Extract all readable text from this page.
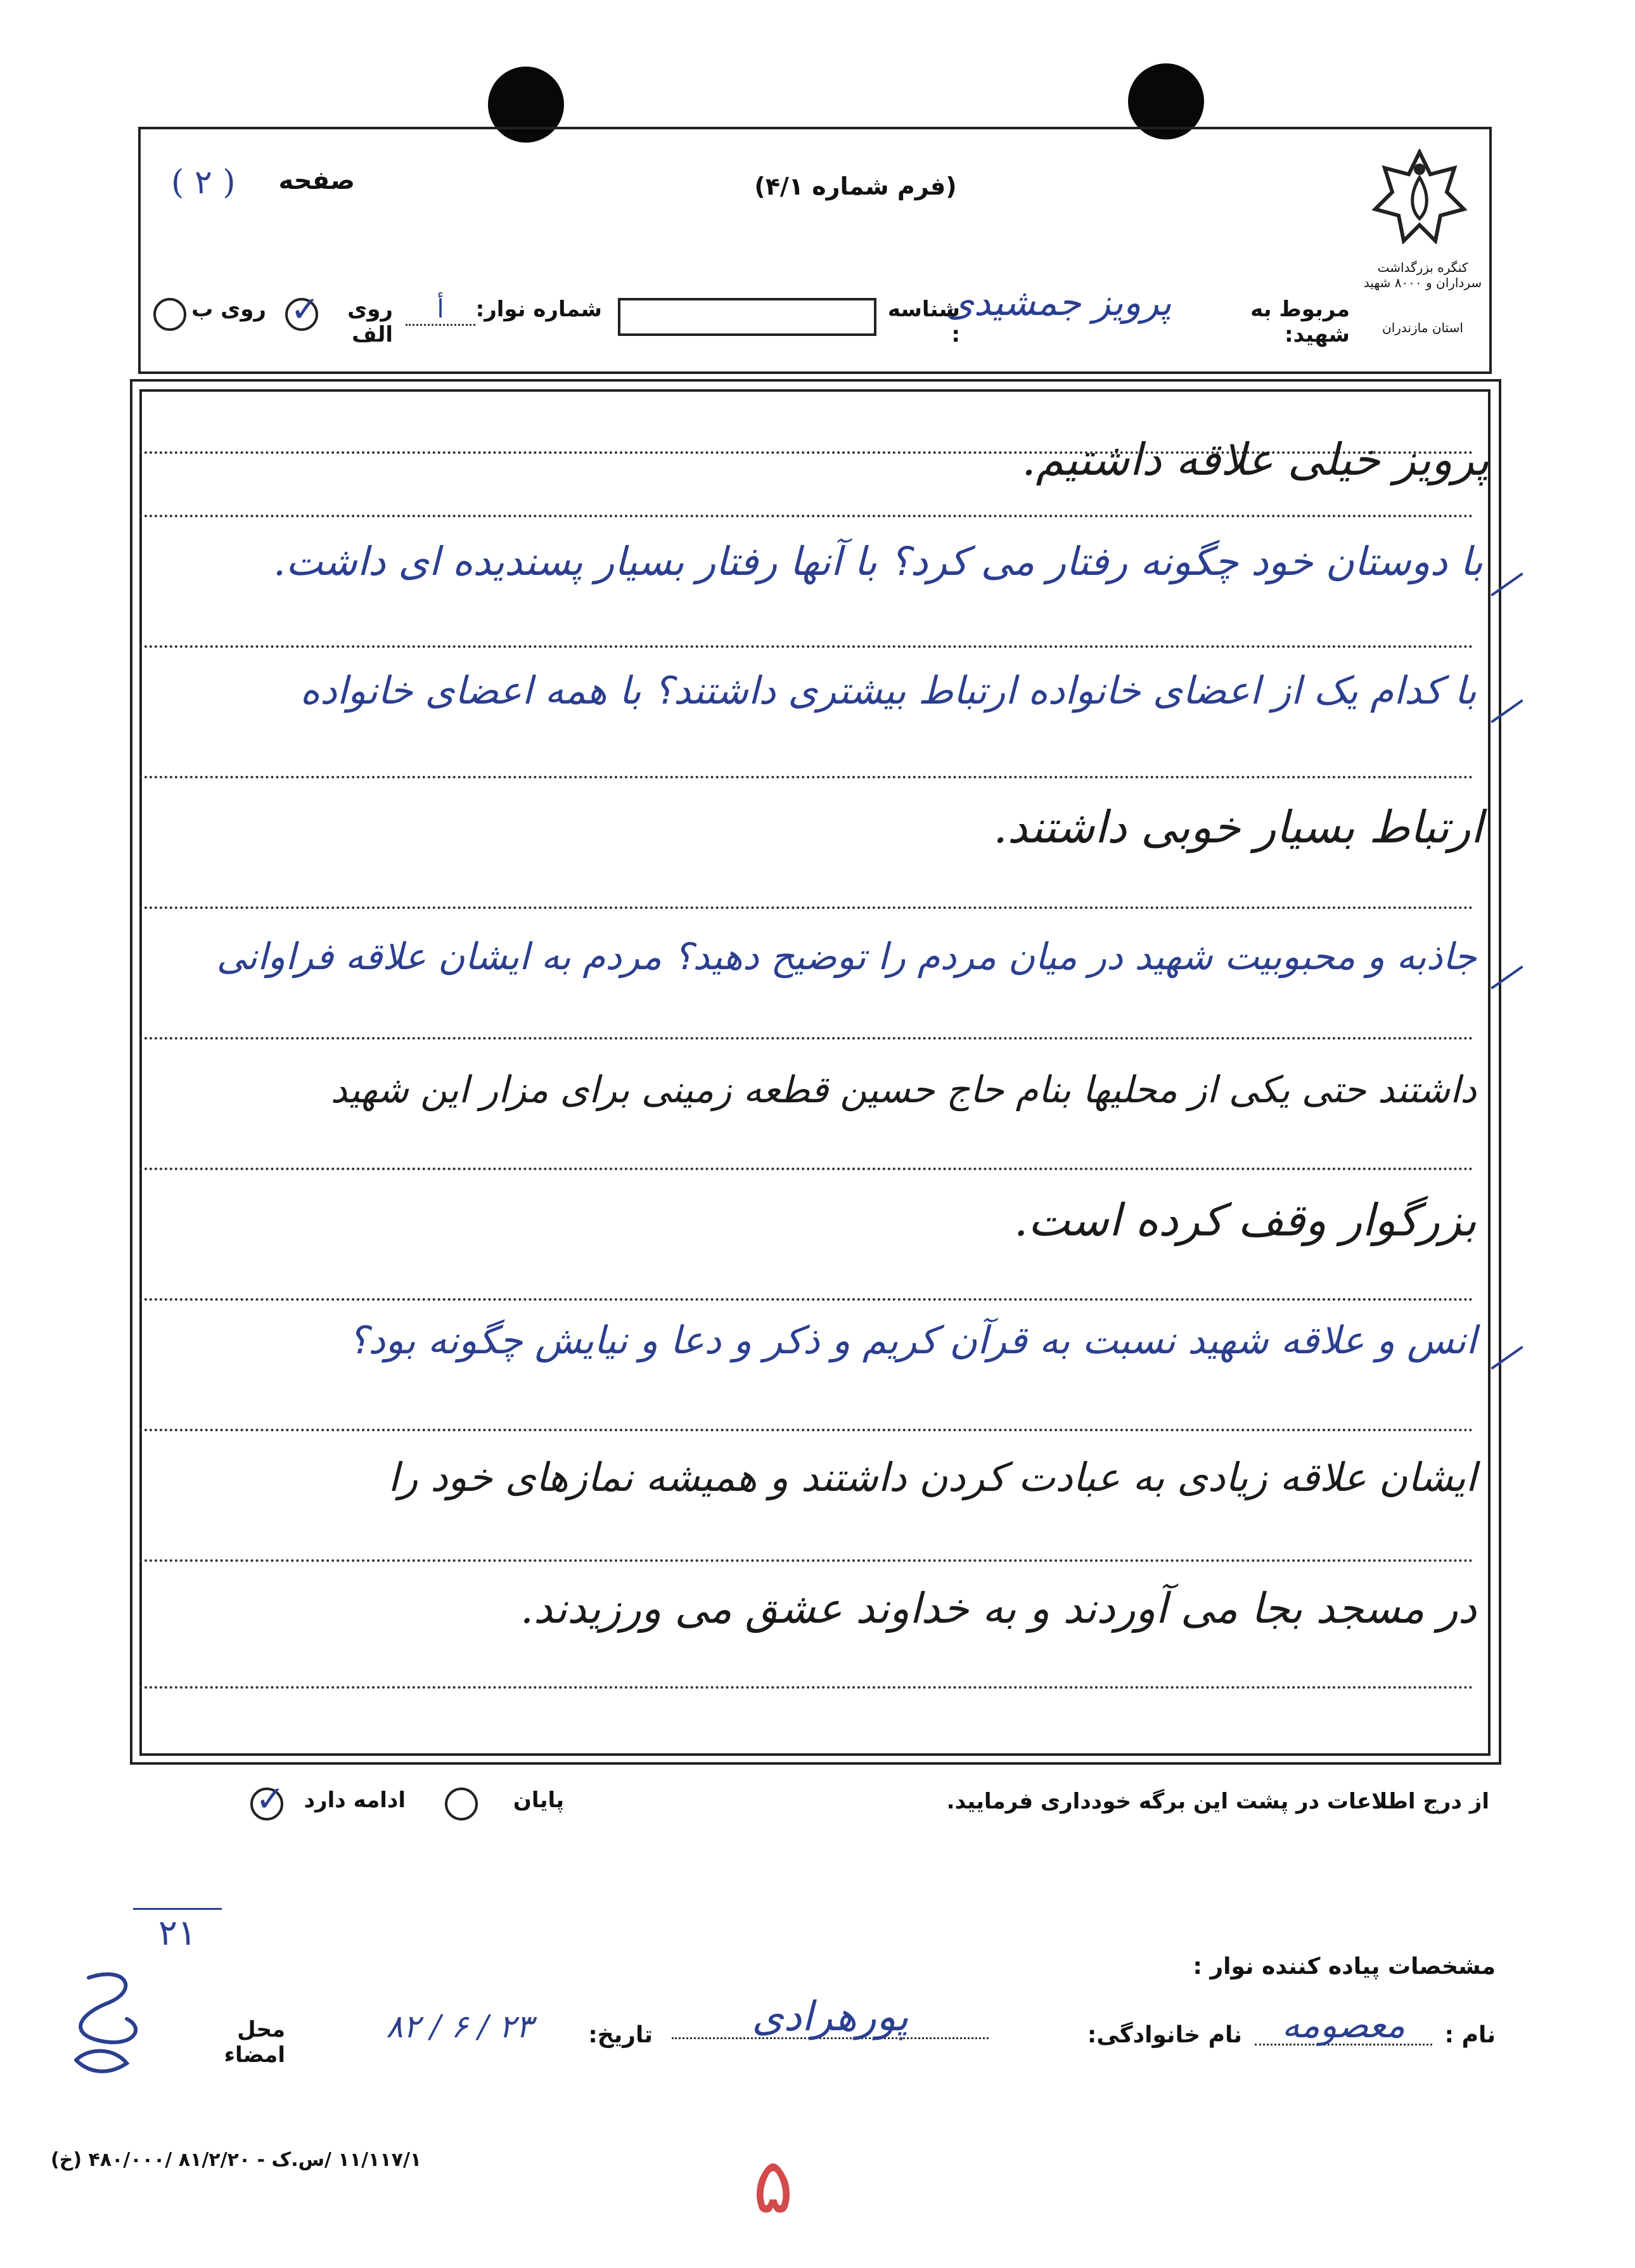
کنگره بزرگداشت سرداران و ۸۰۰۰ شهید
استان مازندران
صفحه
( ۲ )	(فرم شماره ۴/۱)
مربوط به شهید:
پرویز جمشیدی
شناسه :
شماره نوار:
أ
روی الف
✓
روی ب
پرویز خیلی علاقه داشتیم.
با دوستان خود چگونه رفتار می کرد؟ با آنها رفتار بسیار پسندیده ای داشت.
با کدام یک از اعضای خانواده ارتباط بیشتری داشتند؟ با همه اعضای خانواده
ارتباط بسیار خوبی داشتند.
جاذبه و محبوبیت شهید در میان مردم را توضیح دهید؟ مردم به ایشان علاقه فراوانی
داشتند حتی یکی از محلیها بنام حاج حسین قطعه زمینی برای مزار این شهید
بزرگوار وقف کرده است.
انس و علاقه شهید نسبت به قرآن کریم و ذکر و دعا و نیایش چگونه بود؟
ایشان علاقه زیادی به عبادت کردن داشتند و همیشه نمازهای خود را
در مسجد بجا می آوردند و به خداوند عشق می ورزیدند.
از درج اطلاعات در پشت این برگه خودداری فرمایید.
پایان
ادامه دارد
✓
۲۱
مشخصات پیاده کننده نوار :
نام :
معصومه
نام خانوادگی:
پورهرادی
تاریخ:
۸۲ / ۶ / ۲۳
محل امضاء
۱۱/۱۱۷/۱ /س.ک - ۸۱/۲/۲۰ /۴۸۰/۰۰۰ (خ)	۵
